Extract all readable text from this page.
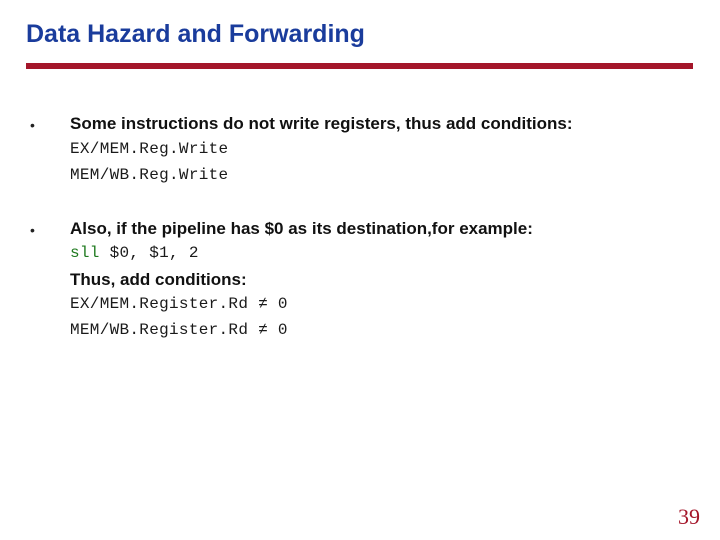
Data Hazard and Forwarding
• Some instructions do not write registers, thus add conditions:
EX/MEM.Reg.Write
MEM/WB.Reg.Write
• Also, if the pipeline has $0 as its destination,for example:
sll $0, $1, 2
Thus, add conditions:
EX/MEM.Register.Rd ≠ 0
MEM/WB.Register.Rd ≠ 0
39
